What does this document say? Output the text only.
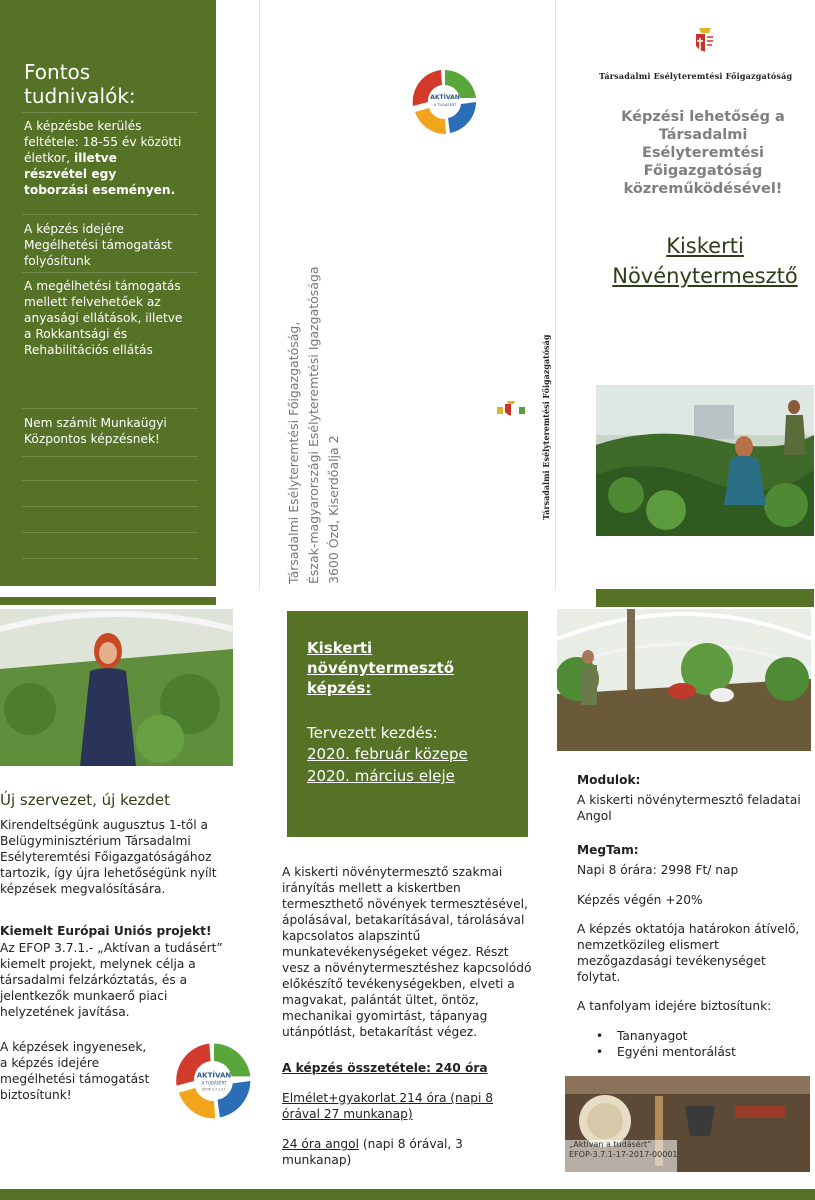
Fontos tudnivalók:
A képzésbe kerülés feltétele: 18-55 év közötti életkor, illetve részvétel egy toborzási eseményen.
A képzés idejére Megélhetési támogatást folyósítunk
A megélhetési támogatás mellett felvehetőek az anyasági ellátások, illetve a Rokkantsági és Rehabilitációs ellátás
Nem számít Munkaügyi Központos képzésnek!
AKTÍVAN
A TUDÁSÉRT
Társadalmi Esélyteremtési Főigazgatóság, Észak-magyarországi Esélyteremtési Igazgatósága 3600 Ózd, Kiserdőalja 2	Társadalmi Esélyteremtési Főigazgatóság
Társadalmi Esélyteremtési Főigazgatóság
Képzési lehetőség a Társadalmi Esélyteremtési Főigazgatóság közreműködésével!
Kiskerti Növénytermesztő
Új szervezet, új kezdet
Kirendeltségünk augusztus 1-től a Belügyminisztérium Társadalmi Esélyteremtési Főigazgatóságához tartozik, így újra lehetőségünk nyílt képzések megvalósítására.
Kiemelt Európai Uniós projekt!
Az EFOP 3.7.1.- „Aktívan a tudásért” kiemelt projekt, melynek célja a társadalmi felzárkóztatás, és a jelentkezők munkaerő piaci helyzetének javítása.
A képzések ingyenesek, a képzés idejére megélhetési támogatást biztosítunk!
AKTÍVAN
A TUDÁSÉRT
EFOP 3.7.1-17
Kiskerti növénytermesztő képzés:
Tervezett kezdés:
2020. február közepe
2020. március eleje
A kiskerti növénytermesztő szakmai irányítás mellett a kiskertben termeszthető növények termesztésével, ápolásával, betakarításával, tárolásával kapcsolatos alapszintű munkatevékenységeket végez. Részt vesz a növénytermesztéshez kapcsolódó előkészítő tevékenységekben, elveti a magvakat, palántát ültet, öntöz, mechanikai gyomirtást, tápanyag utánpótlást, betakarítást végez.
A képzés összetétele: 240 óra
Elmélet+gyakorlat 214 óra (napi 8 órával 27 munkanap)
24 óra angol (napi 8 órával, 3 munkanap)
Modulok:
A kiskerti növénytermesztő feladatai Angol
MegTam:
Napi 8 órára: 2998 Ft/ nap
Képzés végén +20%
A képzés oktatója határokon átívelő, nemzetközileg elismert mezőgazdasági tevékenységet folytat.
A tanfolyam idejére biztosítunk:
• Tananyagot
• Egyéni mentorálást
„Aktívan a tudásért”
EFOP-3.7.1-17-2017-00001
